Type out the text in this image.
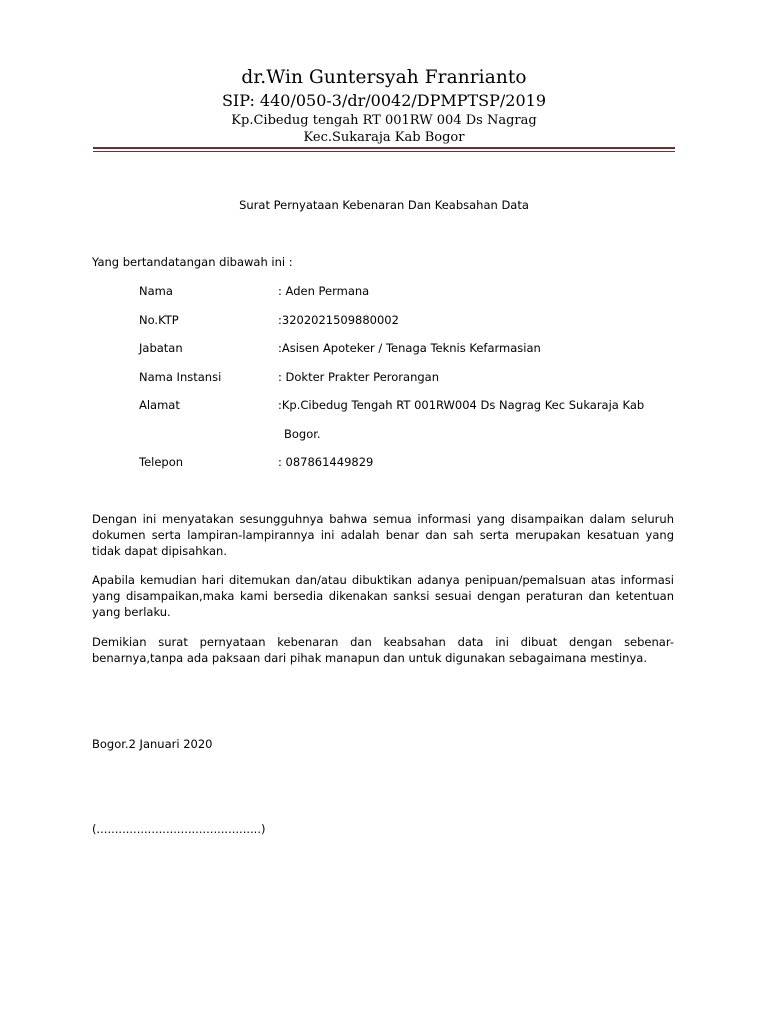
dr.Win Guntersyah Franrianto
SIP: 440/050-3/dr/0042/DPMPTSP/2019
Kp.Cibedug tengah RT 001RW 004 Ds Nagrag
Kec.Sukaraja Kab Bogor
Surat Pernyataan Kebenaran Dan Keabsahan Data
Yang bertandatangan dibawah ini :
Nama	: Aden Permana
No.KTP	:3202021509880002
Jabatan	:Asisen Apoteker / Tenaga Teknis Kefarmasian
Nama Instansi	: Dokter Prakter Perorangan
Alamat	:Kp.Cibedug Tengah RT 001RW004 Ds Nagrag Kec Sukaraja Kab
Bogor.
Telepon	: 087861449829
Dengan ini menyatakan sesungguhnya bahwa semua informasi yang disampaikan dalam seluruh dokumen serta lampiran-lampirannya ini adalah benar dan sah serta merupakan kesatuan yang tidak dapat dipisahkan.
Apabila kemudian hari ditemukan dan/atau dibuktikan adanya penipuan/pemalsuan atas informasi yang disampaikan,maka kami bersedia dikenakan sanksi sesuai dengan peraturan dan ketentuan yang berlaku.
Demikian surat pernyataan kebenaran dan keabsahan data ini dibuat dengan sebenar-benarnya,tanpa ada paksaan dari pihak manapun dan untuk digunakan sebagaimana mestinya.
Bogor.2 Januari 2020
(.............................................)
